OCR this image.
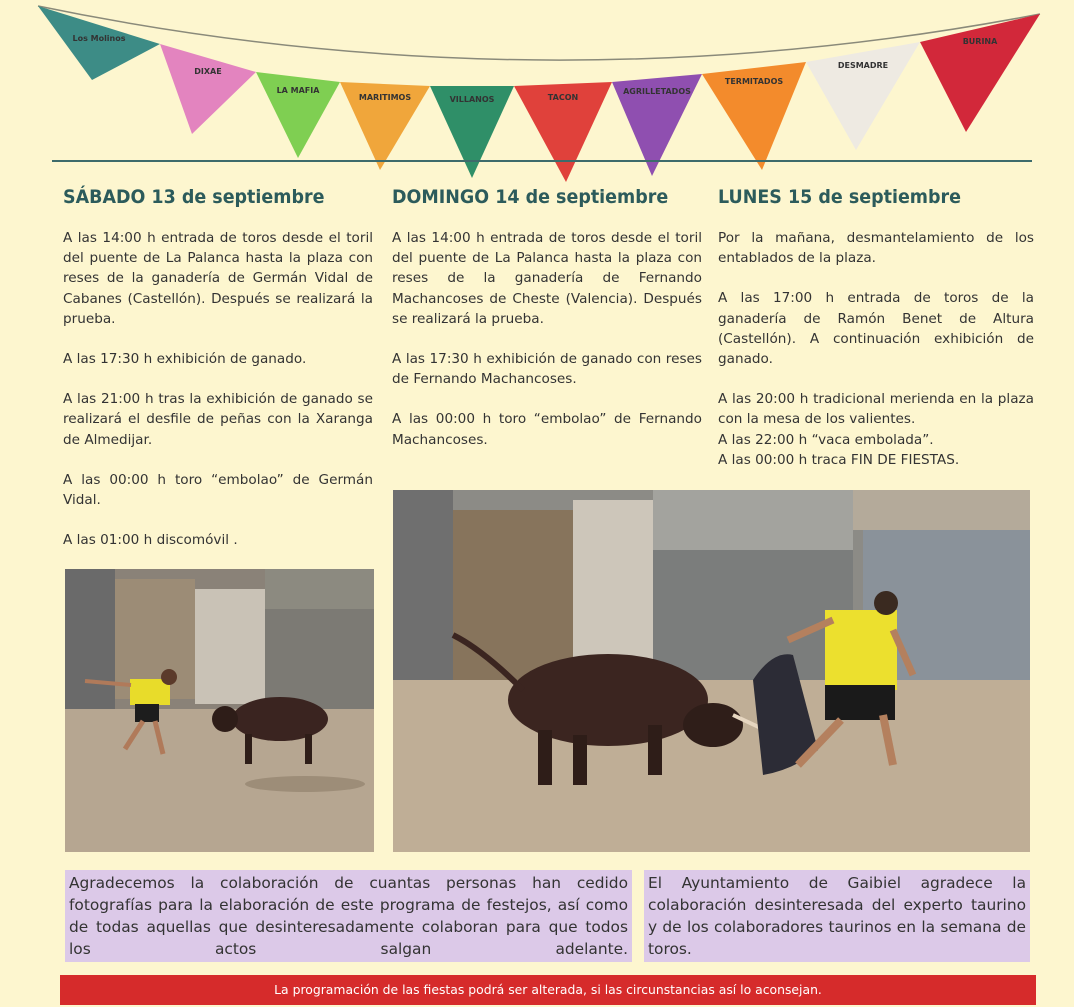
Los Molinos
DIXAE
LA MAFIA
MARITIMOS	VILLANOS	TACON
AGRILLETADOS
TERMITADOS
DESMADRE
BURINA
SÁBADO 13 de septiembre

A las 14:00 h entrada de toros desde el toril del puente de La Palanca hasta la plaza con reses de la ganadería de Germán Vidal de Cabanes (Castellón). Después se realizará la prueba.

A las 17:30 h exhibición de ganado.

A las 21:00 h tras la exhibición de ganado se realizará el desfile de peñas con la Xaranga de Almedijar.

A las 00:00 h toro “embolao” de Germán Vidal.

A las 01:00 h discomóvil .

DOMINGO 14 de septiembre

A las 14:00 h entrada de toros desde el toril del puente de La Palanca hasta la plaza con reses de la ganadería de Fernando Machancoses de Cheste (Valencia). Después se realizará la prueba.

A las 17:30 h exhibición de ganado con reses de Fernando Machancoses.

A las 00:00 h toro “embolao” de Fernando Machancoses.

LUNES 15 de septiembre

Por la mañana, desmantelamiento de los entablados de la plaza.

A las 17:00 h entrada de toros de la ganadería de Ramón Benet de Altura (Castellón). A continuación exhibición de ganado.

A las 20:00 h tradicional merienda en la plaza con la mesa de los valientes.

A las 22:00 h “vaca embolada”.

A las 00:00 h traca FIN DE FIESTAS.

Agradecemos la colaboración de cuantas personas han cedido fotografías para la elaboración de este programa de festejos, así como de todas aquellas que desinteresadamente colaboran para que todos los actos salgan adelante.
El Ayuntamiento de Gaibiel agradece la colaboración desinteresada del experto taurino y de los colaboradores taurinos en la semana de toros.
La programación de las fiestas podrá ser alterada, si las circunstancias así lo aconsejan.
